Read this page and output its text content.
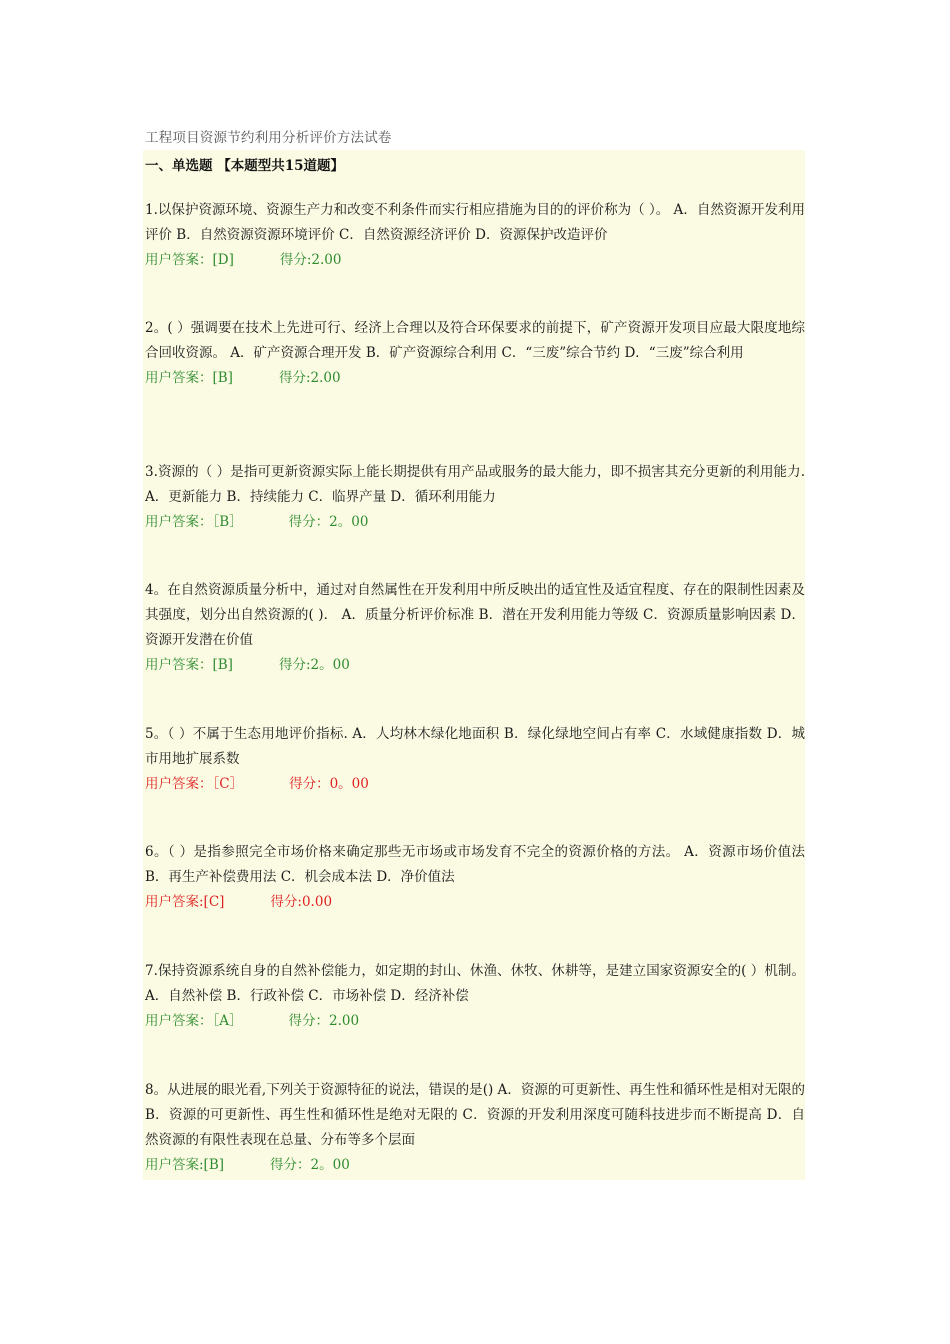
工程项目资源节约利用分析评价方法试卷
一、单选题 【本题型共15道题】

1.以保护资源环境、资源生产力和改变不利条件而实行相应措施为目的的评价称为（ ）。 A．自然资源开发利用评价 B．自然资源资源环境评价 C．自然资源经济评价 D．资源保护改造评价

用户答案：[D]	得分:2.00

2。( ）强调要在技术上先进可行、经济上合理以及符合环保要求的前提下，矿产资源开发项目应最大限度地综合回收资源。 A．矿产资源合理开发 B．矿产资源综合利用 C．“三废”综合节约 D．“三废”综合利用

用户答案：[B]	得分:2.00

3.资源的（ ）是指可更新资源实际上能长期提供有用产品或服务的最大能力，即不损害其充分更新的利用能力. A．更新能力 B．持续能力 C．临界产量 D．循环利用能力

用户答案：［B］	得分：2。00

4。在自然资源质量分析中，通过对自然属性在开发利用中所反映出的适宜性及适宜程度、存在的限制性因素及其强度，划分出自然资源的( )． A．质量分析评价标准 B．潜在开发利用能力等级 C．资源质量影响因素 D．资源开发潜在价值

用户答案：[B]	得分:2。00

5。（ ）不属于生态用地评价指标. A．人均林木绿化地面积 B．绿化绿地空间占有率 C．水域健康指数 D．城市用地扩展系数

用户答案：［C］	得分：0。00

6。（ ）是指参照完全市场价格来确定那些无市场或市场发育不完全的资源价格的方法。 A．资源市场价值法 B．再生产补偿费用法 C．机会成本法 D．净价值法

用户答案:[C]	得分:0.00

7.保持资源系统自身的自然补偿能力，如定期的封山、休渔、休牧、休耕等，是建立国家资源安全的( ）机制。 A．自然补偿 B．行政补偿 C．市场补偿 D．经济补偿

用户答案：［A］	得分：2.00

8。从进展的眼光看,下列关于资源特征的说法，错误的是() A．资源的可更新性、再生性和循环性是相对无限的 B．资源的可更新性、再生性和循环性是绝对无限的 C．资源的开发利用深度可随科技进步而不断提高 D．自然资源的有限性表现在总量、分布等多个层面

用户答案:[B]	得分：2。00
